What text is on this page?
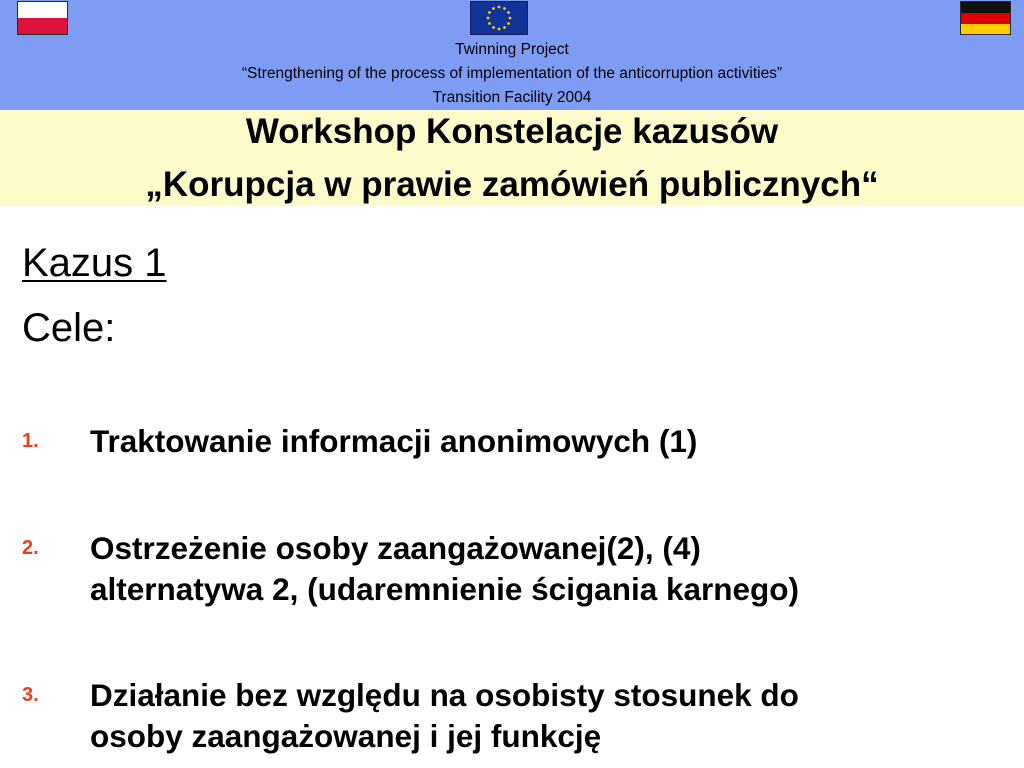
Twinning Project
“Strengthening of the process of implementation of the anticorruption activities”
Transition Facility 2004
Workshop Konstelacje kazusów
„Korupcja w prawie zamówień publicznych“
Kazus 1
Cele:
1. Traktowanie informacji anonimowych (1)
2. Ostrzeżenie osoby zaangażowanej(2), (4)
alternatywa 2, (udaremnienie ścigania karnego)
3. Działanie bez względu na osobisty stosunek do
osoby zaangażowanej i jej funkcję
